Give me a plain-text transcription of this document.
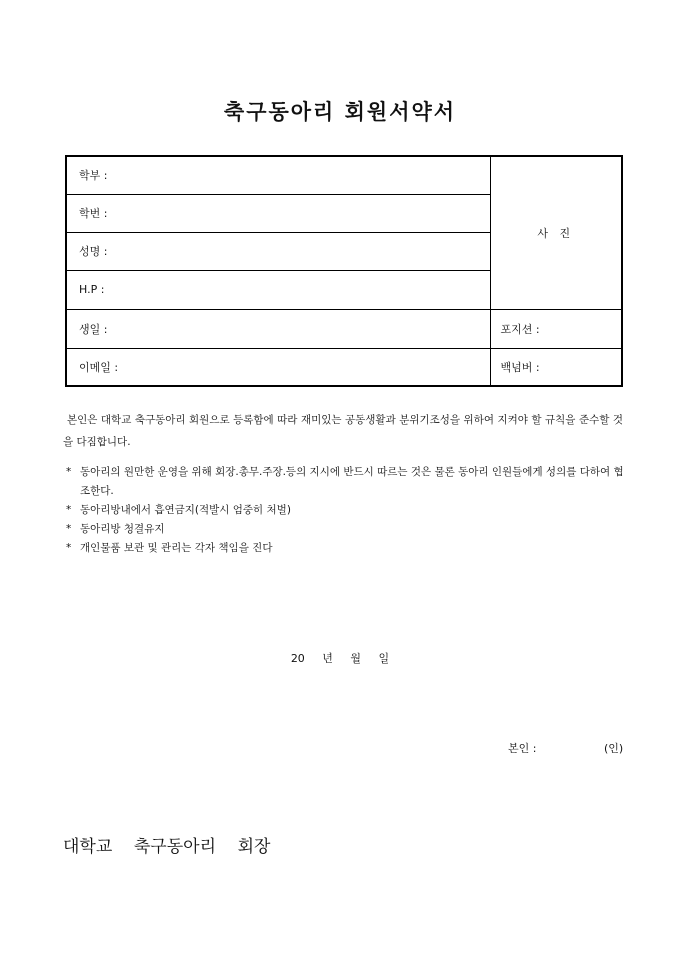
축구동아리 회원서약서
학부 :	사 진
학번 :	
성명 :	
H.P :	
생일 :	포지션 :
이메일 :	백넘버 :

본인은 대학교 축구동아리 회원으로 등록함에 따라 재미있는 공동생활과 분위기조성을 위하여 지켜야 할 규칙을 준수할 것을 다짐합니다.

* 동아리의 원만한 운영을 위해 회장.총무.주장.등의 지시에 반드시 따르는 것은 물론 동아리 인원들에게 성의를 다하여 협조한다.
* 동아리방내에서 흡연금지(적발시 엄중히 처벌)
* 동아리방 청결유지
* 개인물품 보관 및 관리는 각자 책임을 진다
20 년 월 일
본인 :	(인)
대학교    축구동아리    회장
